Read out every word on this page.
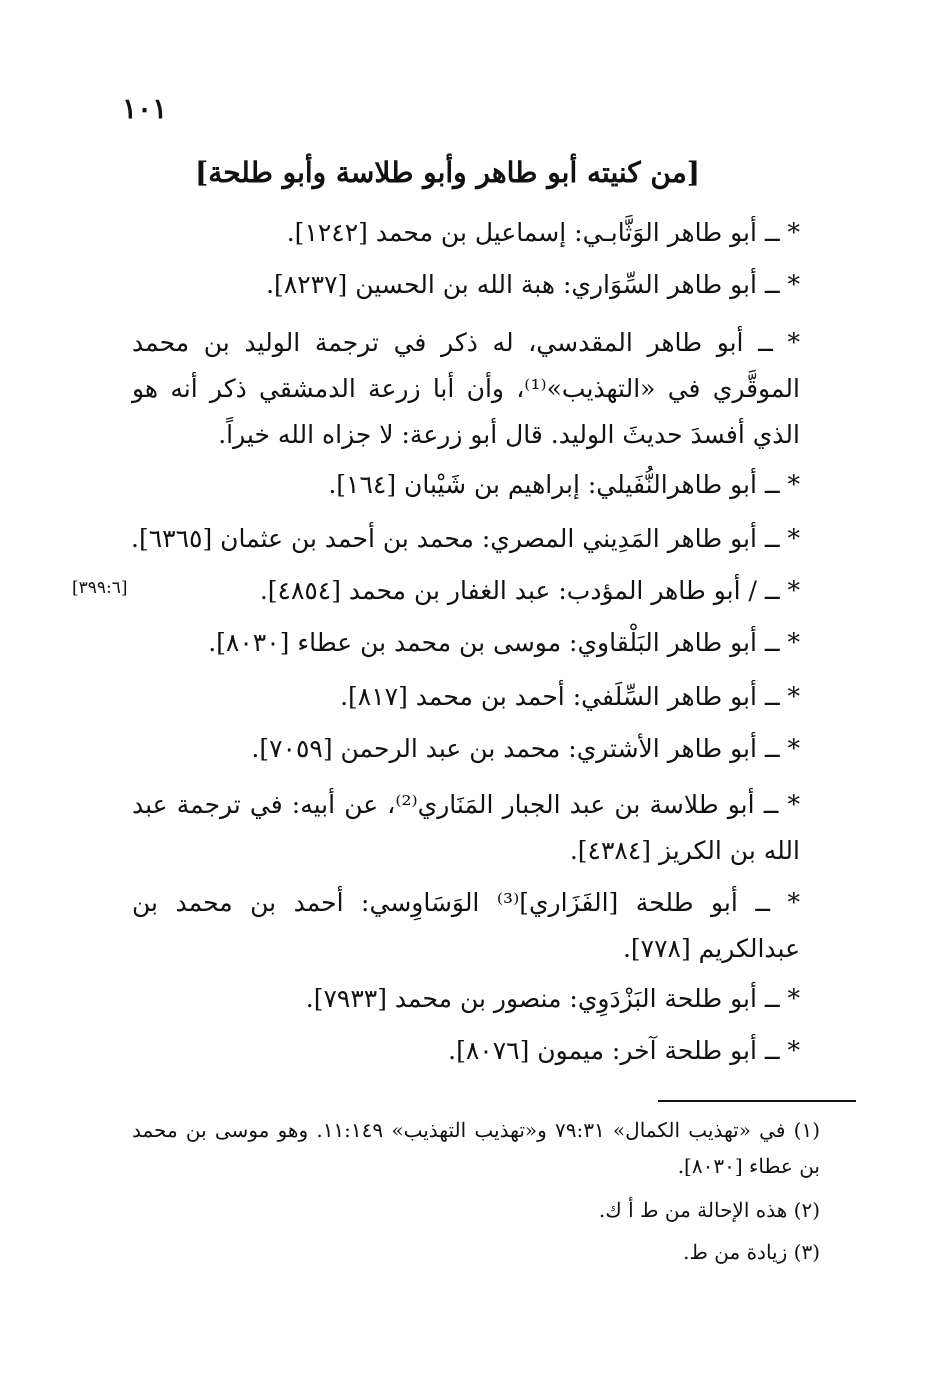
١٠١
[من كنيته أبو طاهر وأبو طلاسة وأبو طلحة]
* ــ أبو طاهر الوَثَّابـي: إسماعيل بن محمد [١٢٤٢].
* ــ أبو طاهر السِّوَاري: هبة الله بن الحسين [٨٢٣٧].
* ــ أبو طاهر المقدسي، له ذكر في ترجمة الوليد بن محمد الموقَّري في «التهذيب»⁽¹⁾، وأن أبا زرعة الدمشقي ذكر أنه هو الذي أفسدَ حديثَ الوليد. قال أبو زرعة: لا جزاه الله خيراً.
* ــ أبو طاهرالنُّفَيلي: إبراهيم بن شَيْبان [١٦٤].
* ــ أبو طاهر المَدِيني المصري: محمد بن أحمد بن عثمان [٦٣٦٥].
* ــ / أبو طاهر المؤدب: عبد الغفار بن محمد [٤٨٥٤].
* ــ أبو طاهر البَلْقاوي: موسى بن محمد بن عطاء [٨٠٣٠].
* ــ أبو طاهر السِّلَفي: أحمد بن محمد [٨١٧].
* ــ أبو طاهر الأشتري: محمد بن عبد الرحمن [٧٠٥٩].
* ــ أبو طلاسة بن عبد الجبار المَنَاري⁽²⁾، عن أبيه: في ترجمة عبد الله بن الكريز [٤٣٨٤].
* ــ أبو طلحة [الفَزَاري]⁽³⁾ الوَسَاوِسي: أحمد بن محمد بن عبدالكريم [٧٧٨].
* ــ أبو طلحة البَزْدَوِي: منصور بن محمد [٧٩٣٣].
* ــ أبو طلحة آخر: ميمون [٨٠٧٦].
[٣٩٩:٦]
(١) في «تهذيب الكمال» ٧٩:٣١ و«تهذيب التهذيب» ١١:١٤٩. وهو موسى بن محمد بن عطاء [٨٠٣٠].
(٢) هذه الإحالة من ط أ ك.
(٣) زيادة من ط.
